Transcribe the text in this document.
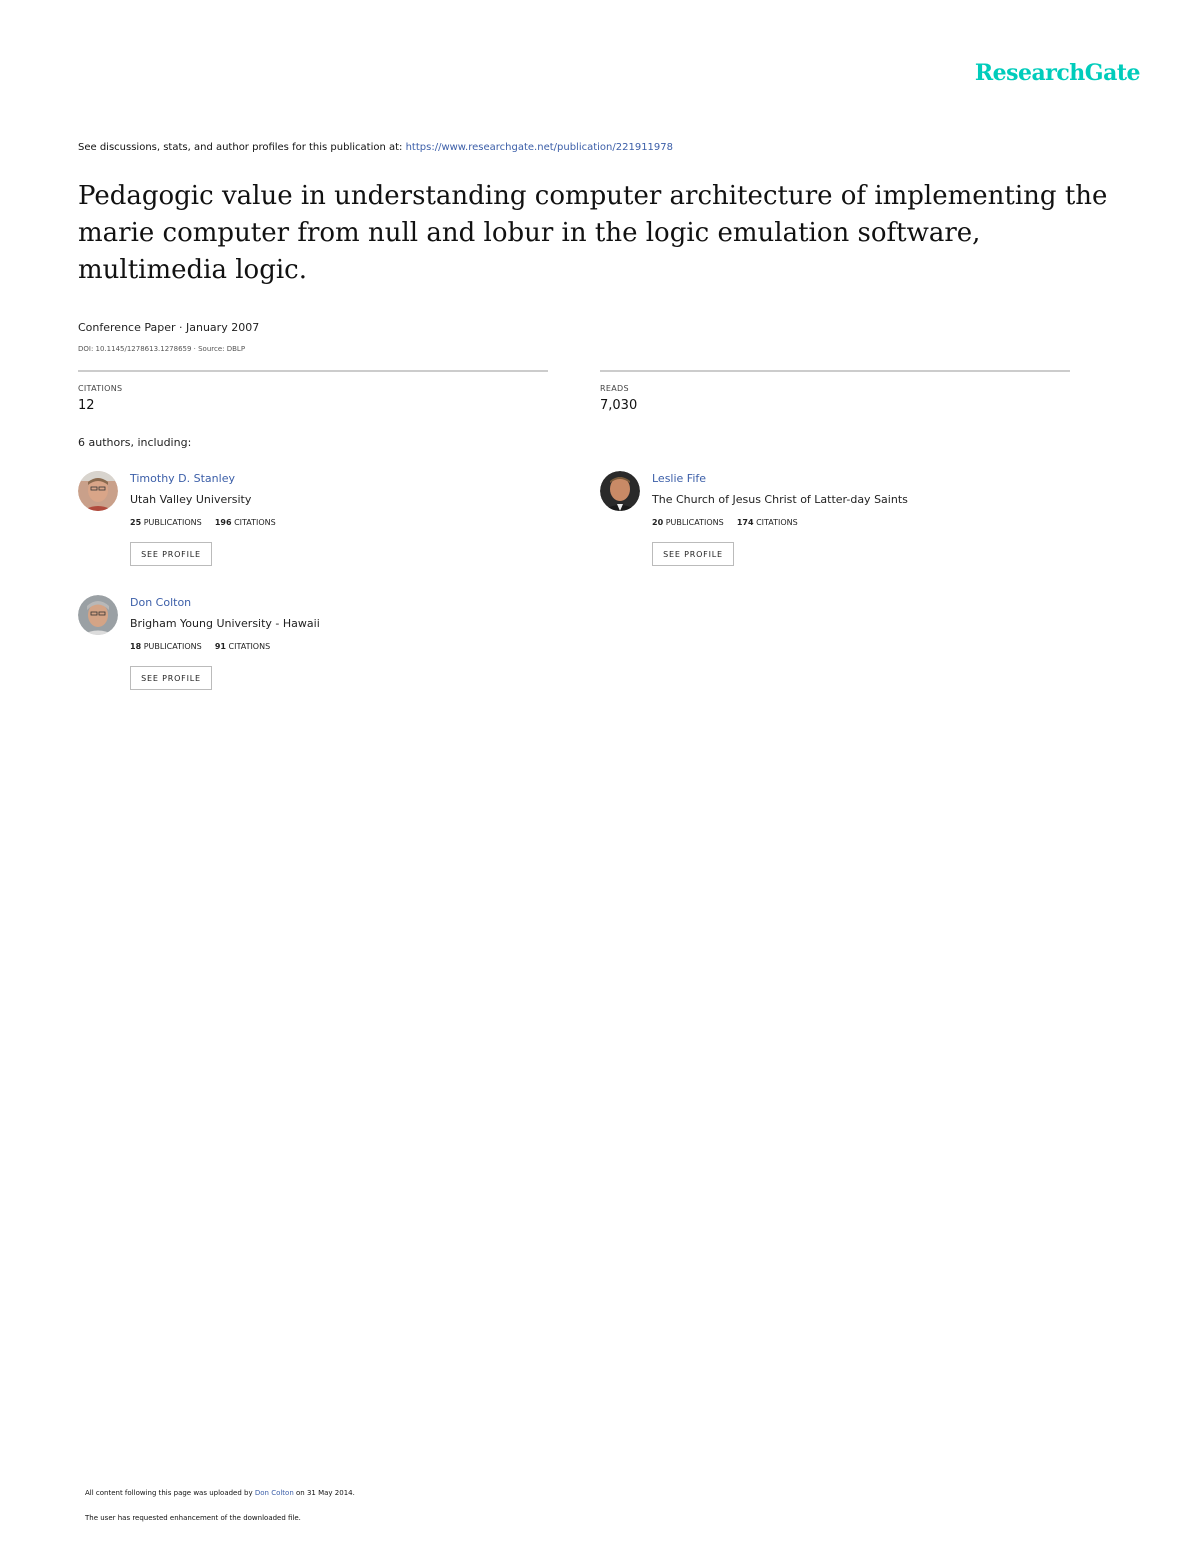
ResearchGate
See discussions, stats, and author profiles for this publication at: https://www.researchgate.net/publication/221911978
Pedagogic value in understanding computer architecture of implementing the marie computer from null and lobur in the logic emulation software, multimedia logic.
Conference Paper · January 2007
DOI: 10.1145/1278613.1278659 · Source: DBLP
CITATIONS
12
READS
7,030
6 authors, including:
Timothy D. Stanley
Utah Valley University
25 PUBLICATIONS 196 CITATIONS
SEE PROFILE
Leslie Fife
The Church of Jesus Christ of Latter-day Saints
20 PUBLICATIONS 174 CITATIONS
SEE PROFILE
Don Colton
Brigham Young University - Hawaii
18 PUBLICATIONS 91 CITATIONS
SEE PROFILE
All content following this page was uploaded by Don Colton on 31 May 2014.
The user has requested enhancement of the downloaded file.
